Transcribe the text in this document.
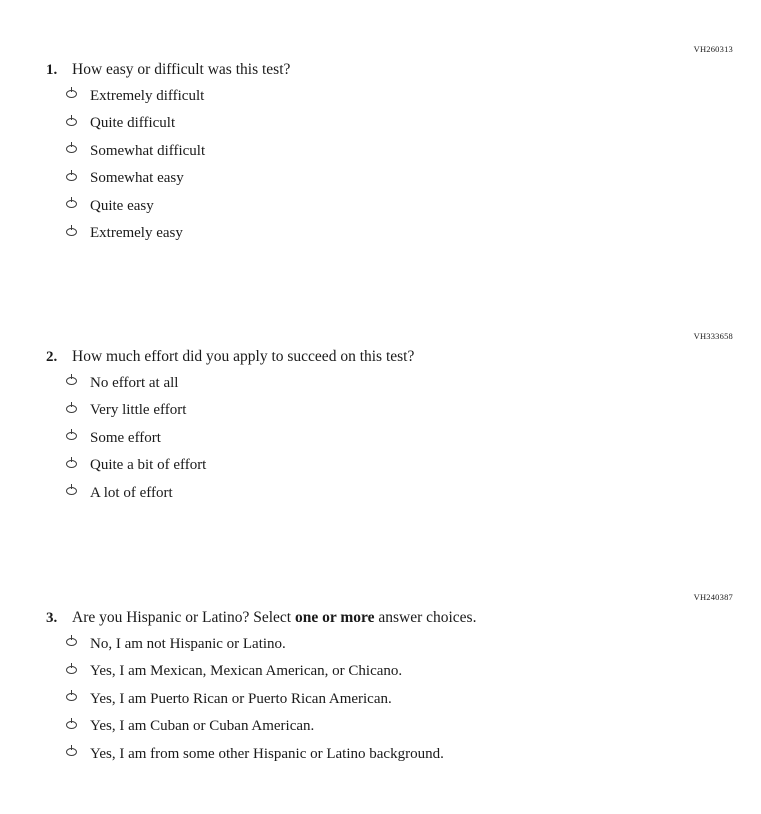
VH260313
1. How easy or difficult was this test?
Extremely difficult
Quite difficult
Somewhat difficult
Somewhat easy
Quite easy
Extremely easy
VH333658
2. How much effort did you apply to succeed on this test?
No effort at all
Very little effort
Some effort
Quite a bit of effort
A lot of effort
VH240387
3. Are you Hispanic or Latino? Select one or more answer choices.
No, I am not Hispanic or Latino.
Yes, I am Mexican, Mexican American, or Chicano.
Yes, I am Puerto Rican or Puerto Rican American.
Yes, I am Cuban or Cuban American.
Yes, I am from some other Hispanic or Latino background.
